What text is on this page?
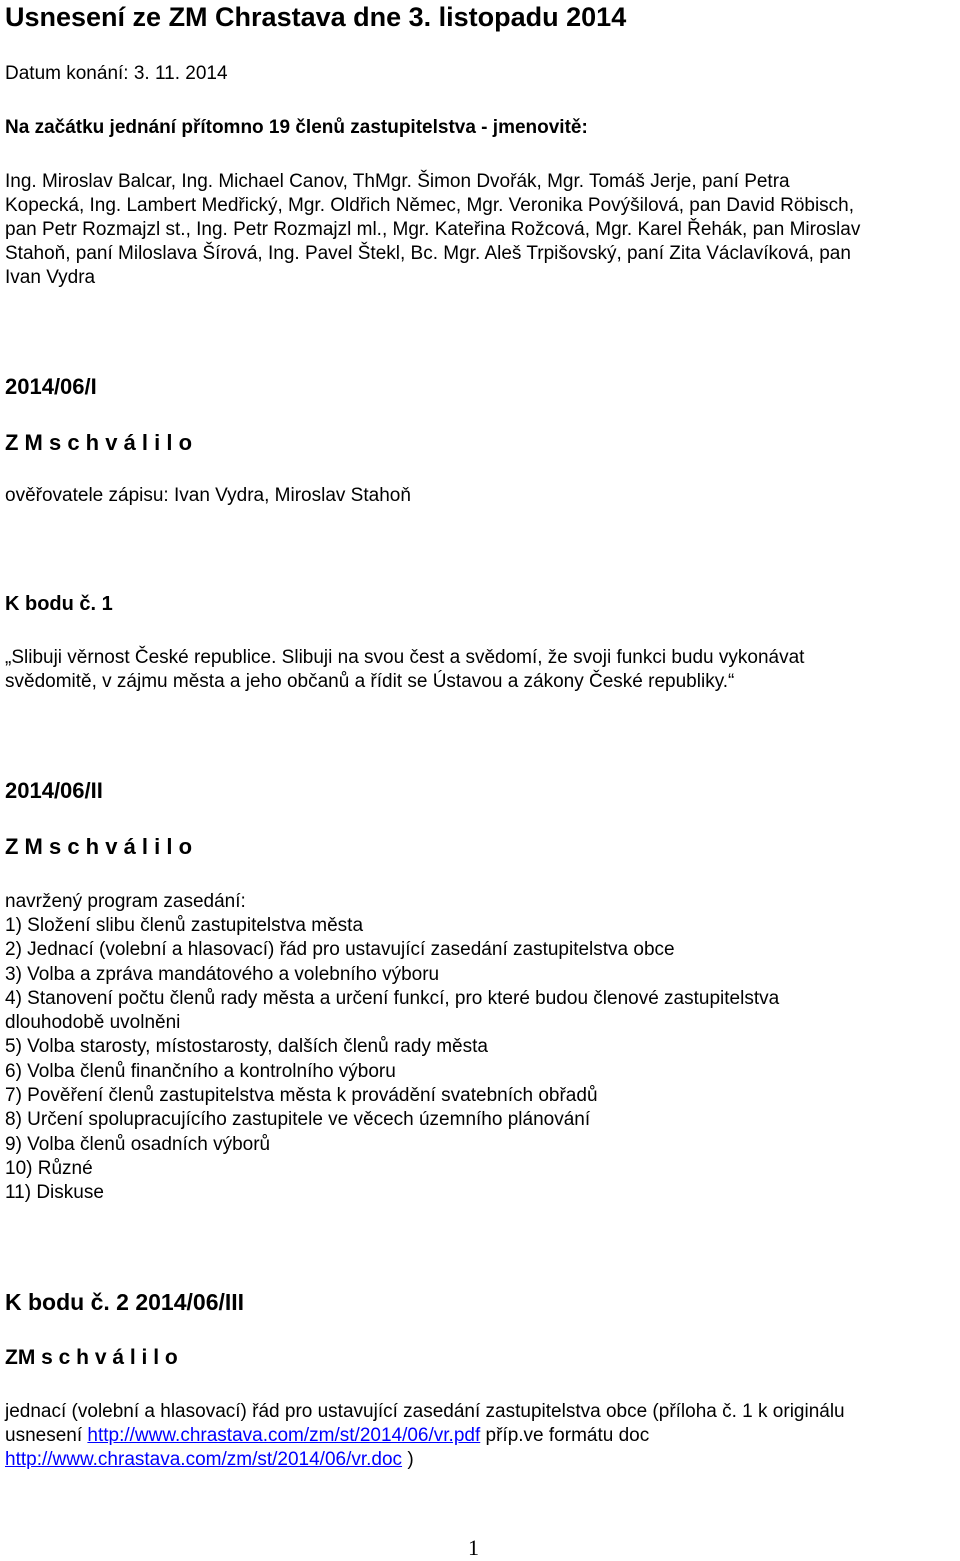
Usnesení ze ZM Chrastava dne 3. listopadu 2014
Datum konání: 3. 11. 2014
Na začátku jednání přítomno 19 členů zastupitelstva - jmenovitě:
Ing. Miroslav Balcar, Ing. Michael Canov, ThMgr. Šimon Dvořák, Mgr. Tomáš Jerje, paní Petra
Kopecká, Ing. Lambert Medřický, Mgr. Oldřich Němec, Mgr. Veronika Povýšilová, pan David Röbisch,
pan Petr Rozmajzl st., Ing. Petr Rozmajzl ml., Mgr. Kateřina Rožcová, Mgr. Karel Řehák, pan Miroslav
Stahoň, paní Miloslava Šírová, Ing. Pavel Štekl, Bc. Mgr. Aleš Trpišovský, paní Zita Václavíková, pan
Ivan Vydra
2014/06/I
Z M s c h v á l i l o
ověřovatele zápisu: Ivan Vydra, Miroslav Stahoň
K bodu č. 1
„Slibuji věrnost České republice. Slibuji na svou čest a svědomí, že svoji funkci budu vykonávat
svědomitě, v zájmu města a jeho občanů a řídit se Ústavou a zákony České republiky.“
2014/06/II
Z M s c h v á l i l o
navržený program zasedání:
1) Složení slibu členů zastupitelstva města
2) Jednací (volební a hlasovací) řád pro ustavující zasedání zastupitelstva obce
3) Volba a zpráva mandátového a volebního výboru
4) Stanovení počtu členů rady města a určení funkcí, pro které budou členové zastupitelstva
dlouhodobě uvolněni
5) Volba starosty, místostarosty, dalších členů rady města
6) Volba členů finančního a kontrolního výboru
7) Pověření členů zastupitelstva města k provádění svatebních obřadů
8) Určení spolupracujícího zastupitele ve věcech územního plánování
9) Volba členů osadních výborů
10) Různé
11) Diskuse
K bodu č. 2 2014/06/III
ZM s c h v á l i l o
jednací (volební a hlasovací) řád pro ustavující zasedání zastupitelstva obce (příloha č. 1 k originálu
usnesení http://www.chrastava.com/zm/st/2014/06/vr.pdf příp.ve formátu doc
http://www.chrastava.com/zm/st/2014/06/vr.doc )
1
